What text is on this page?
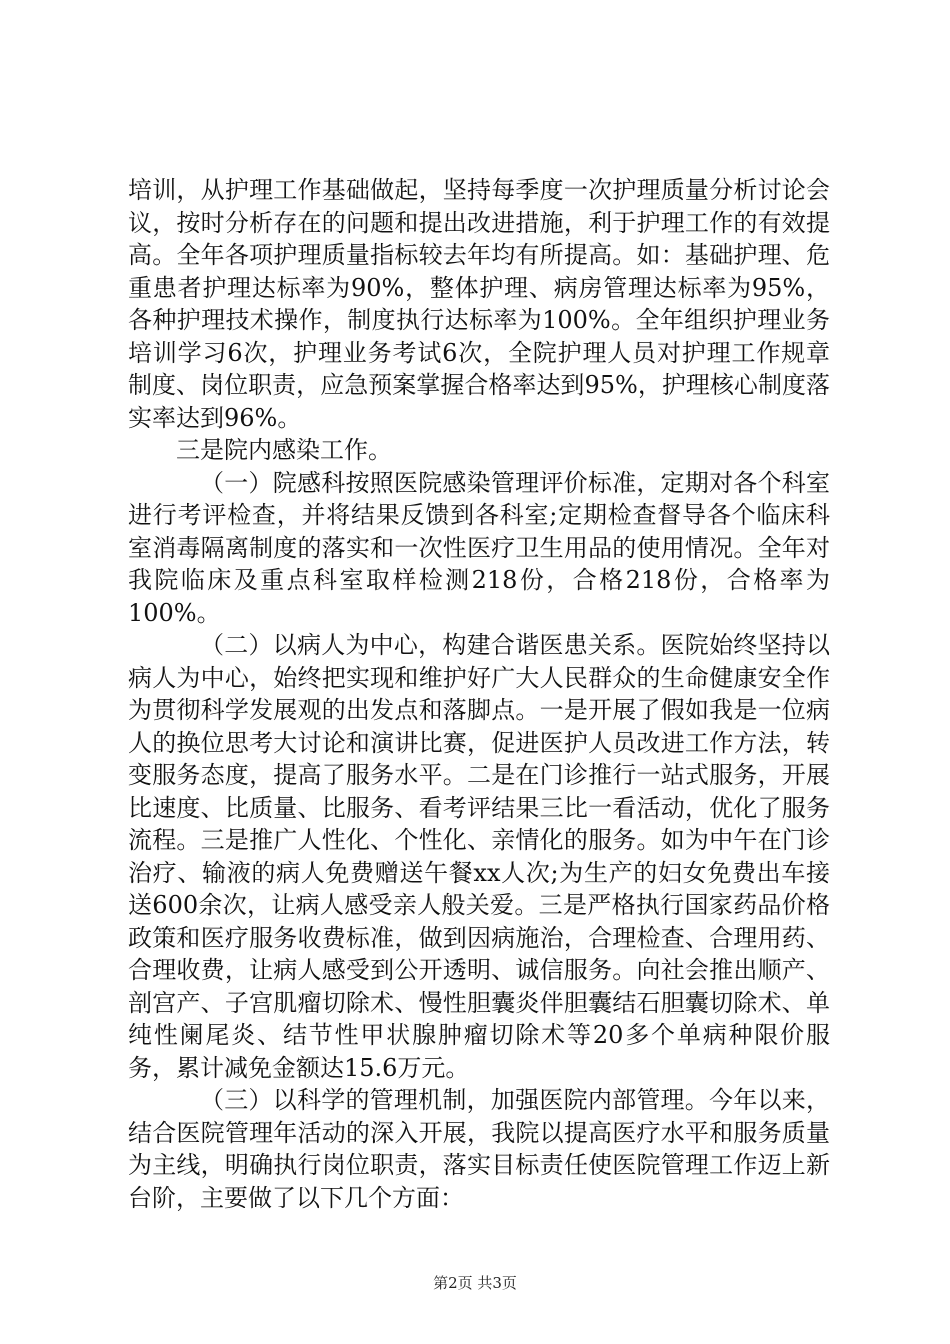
培训，从护理工作基础做起，坚持每季度一次护理质量分析讨论会议，按时分析存在的问题和提出改进措施，利于护理工作的有效提高。全年各项护理质量指标较去年均有所提高。如：基础护理、危重患者护理达标率为90%，整体护理、病房管理达标率为95%，各种护理技术操作，制度执行达标率为100%。全年组织护理业务培训学习6次，护理业务考试6次，全院护理人员对护理工作规章制度、岗位职责，应急预案掌握合格率达到95%，护理核心制度落实率达到96%。

三是院内感染工作。

（一）院感科按照医院感染管理评价标准，定期对各个科室进行考评检查，并将结果反馈到各科室;定期检查督导各个临床科室消毒隔离制度的落实和一次性医疗卫生用品的使用情况。全年对我院临床及重点科室取样检测218份，合格218份，合格率为100%。

（二）以病人为中心，构建合谐医患关系。医院始终坚持以病人为中心，始终把实现和维护好广大人民群众的生命健康安全作为贯彻科学发展观的出发点和落脚点。一是开展了假如我是一位病人的换位思考大讨论和演讲比赛，促进医护人员改进工作方法，转变服务态度，提高了服务水平。二是在门诊推行一站式服务，开展比速度、比质量、比服务、看考评结果三比一看活动，优化了服务流程。三是推广人性化、个性化、亲情化的服务。如为中午在门诊治疗、输液的病人免费赠送午餐xx人次;为生产的妇女免费出车接送600余次，让病人感受亲人般关爱。三是严格执行国家药品价格政策和医疗服务收费标准，做到因病施治，合理检查、合理用药、合理收费，让病人感受到公开透明、诚信服务。向社会推出顺产、剖宫产、子宫肌瘤切除术、慢性胆囊炎伴胆囊结石胆囊切除术、单纯性阑尾炎、结节性甲状腺肿瘤切除术等20多个单病种限价服务，累计减免金额达15.6万元。

（三）以科学的管理机制，加强医院内部管理。今年以来，结合医院管理年活动的深入开展，我院以提高医疗水平和服务质量为主线，明确执行岗位职责，落实目标责任使医院管理工作迈上新台阶，主要做了以下几个方面：

第2页 共3页
